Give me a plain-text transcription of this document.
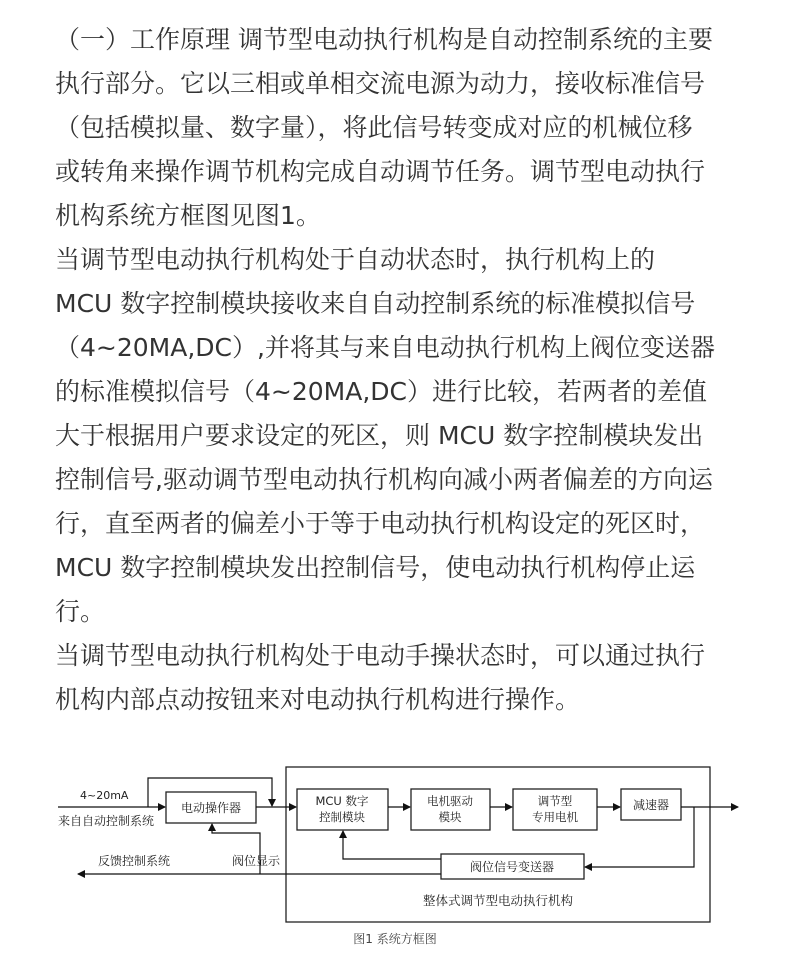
（一）工作原理 调节型电动执行机构是自动控制系统的主要
执行部分。它以三相或单相交流电源为动力，接收标准信号
（包括模拟量、数字量），将此信号转变成对应的机械位移
或转角来操作调节机构完成自动调节任务。调节型电动执行
机构系统方框图见图1。
当调节型电动执行机构处于自动状态时，执行机构上的
MCU 数字控制模块接收来自自动控制系统的标准模拟信号
（4~20MA,DC）,并将其与来自电动执行机构上阀位变送器
的标准模拟信号（4~20MA,DC）进行比较，若两者的差值
大于根据用户要求设定的死区，则 MCU 数字控制模块发出
控制信号,驱动调节型电动执行机构向减小两者偏差的方向运
行，直至两者的偏差小于等于电动执行机构设定的死区时，
MCU 数字控制模块发出控制信号，使电动执行机构停止运
行。
当调节型电动执行机构处于电动手操状态时，可以通过执行
机构内部点动按钮来对电动执行机构进行操作。
4~20mA
来自自动控制系统
电动操作器	MCU 数字
控制模块
电机驱动
模块
调节型
专用电机
减速器
阀位信号变送器
反馈控制系统	阀位显示
整体式调节型电动执行机构
图1 系统方框图
